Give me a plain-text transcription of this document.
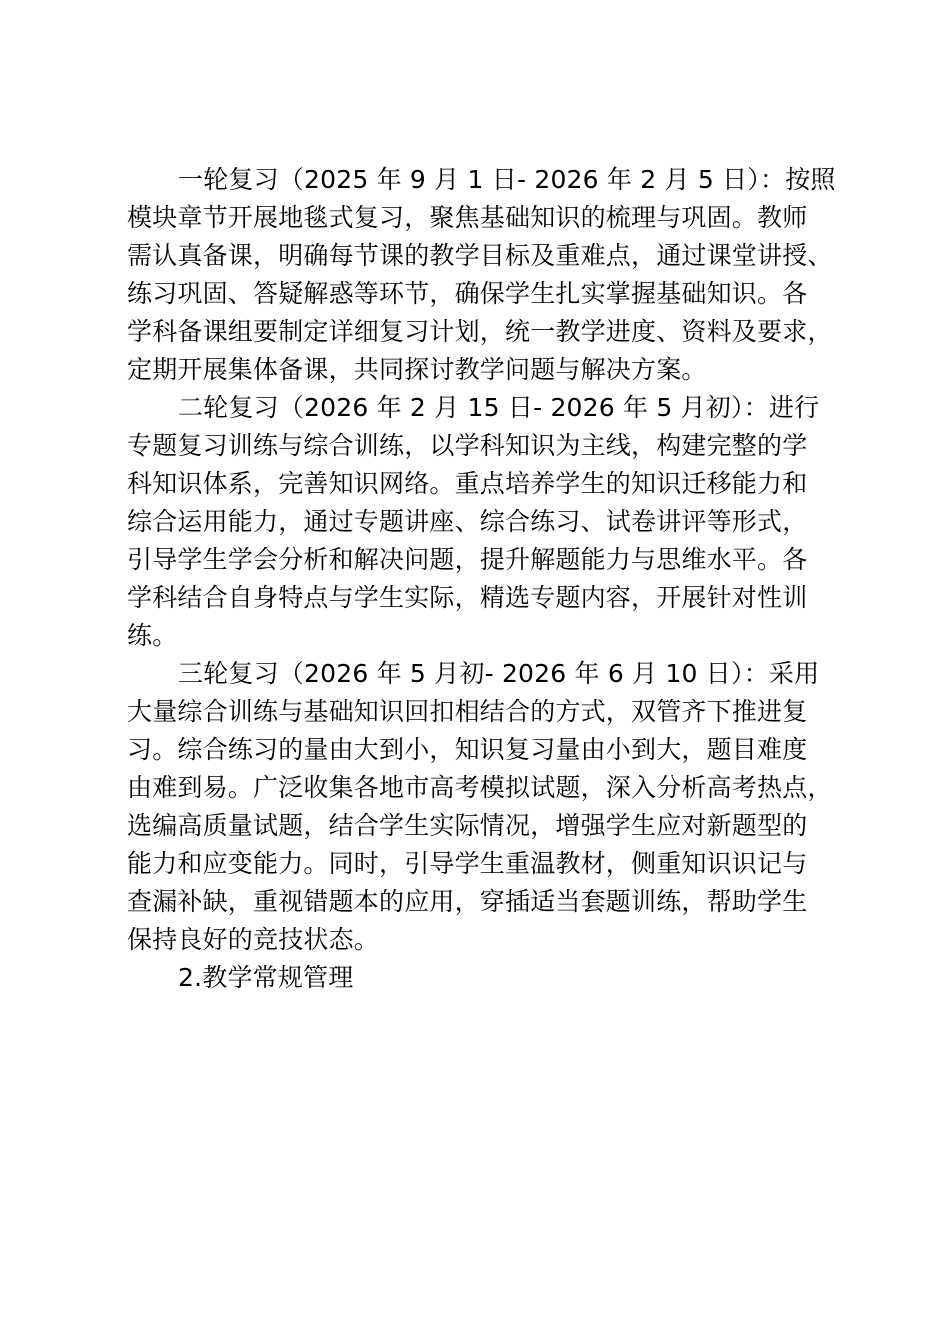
一轮复习（2025 年 9 月 1 日- 2026 年 2 月 5 日）：按照
模块章节开展地毯式复习，聚焦基础知识的梳理与巩固。教师
需认真备课，明确每节课的教学目标及重难点，通过课堂讲授、
练习巩固、答疑解惑等环节，确保学生扎实掌握基础知识。各
学科备课组要制定详细复习计划，统一教学进度、资料及要求，
定期开展集体备课，共同探讨教学问题与解决方案。
二轮复习（2026 年 2 月 15 日- 2026 年 5 月初）：进行
专题复习训练与综合训练，以学科知识为主线，构建完整的学
科知识体系，完善知识网络。重点培养学生的知识迁移能力和
综合运用能力，通过专题讲座、综合练习、试卷讲评等形式，
引导学生学会分析和解决问题，提升解题能力与思维水平。各
学科结合自身特点与学生实际，精选专题内容，开展针对性训
练。
三轮复习（2026 年 5 月初- 2026 年 6 月 10 日）：采用
大量综合训练与基础知识回扣相结合的方式，双管齐下推进复
习。综合练习的量由大到小，知识复习量由小到大，题目难度
由难到易。广泛收集各地市高考模拟试题，深入分析高考热点，
选编高质量试题，结合学生实际情况，增强学生应对新题型的
能力和应变能力。同时，引导学生重温教材，侧重知识识记与
查漏补缺，重视错题本的应用，穿插适当套题训练，帮助学生
保持良好的竞技状态。
2.教学常规管理
